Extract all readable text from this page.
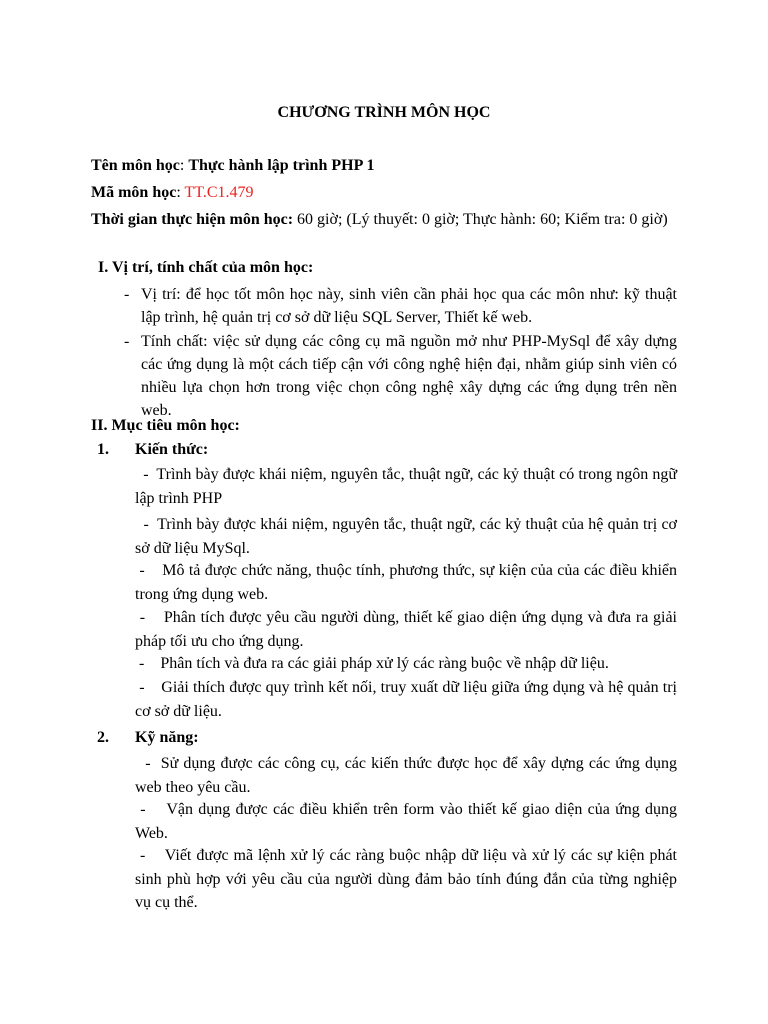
CHƯƠNG TRÌNH MÔN HỌC
Tên môn học: Thực hành lập trình PHP 1
Mã môn học: TT.C1.479
Thời gian thực hiện môn học: 60 giờ; (Lý thuyết: 0 giờ; Thực hành: 60; Kiểm tra: 0 giờ)
I. Vị trí, tính chất của môn học:
- Vị trí: để học tốt môn học này, sinh viên cần phải học qua các môn như: kỹ thuật lập trình, hệ quản trị cơ sở dữ liệu SQL Server, Thiết kế web.
- Tính chất: việc sử dụng các công cụ mã nguồn mở như PHP-MySql để xây dựng các ứng dụng là một cách tiếp cận với công nghệ hiện đại, nhằm giúp sinh viên có nhiều lựa chọn hơn trong việc chọn công nghệ xây dựng các ứng dụng trên nền web.
II. Mục tiêu môn học:
1. Kiến thức:
-  Trình bày được khái niệm, nguyên tắc, thuật ngữ, các kỷ thuật có trong ngôn ngữ lập trình PHP
-  Trình bày được khái niệm, nguyên tắc, thuật ngữ, các kỷ thuật của hệ quản trị cơ sở dữ liệu MySql.
-    Mô tả được chức năng, thuộc tính, phương thức, sự kiện của của các điều khiển trong ứng dụng web.
-    Phân tích được yêu cầu người dùng, thiết kế giao diện ứng dụng và đưa ra giải pháp tối ưu cho ứng dụng.
-    Phân tích và đưa ra các giải pháp xử lý các ràng buộc về nhập dữ liệu.
-    Giải thích được quy trình kết nối, truy xuất dữ liệu giữa ứng dụng và hệ quản trị cơ sở dữ liệu.
2. Kỹ năng:
-  Sử dụng được các công cụ, các kiến thức được học để xây dựng các ứng dụng web theo yêu cầu.
-    Vận dụng được các điều khiển trên form vào thiết kế giao diện của ứng dụng Web.
-    Viết được mã lệnh xử lý các ràng buộc nhập dữ liệu và xử lý các sự kiện phát sinh phù hợp với yêu cầu của người dùng đảm bảo tính đúng đắn của từng nghiệp vụ cụ thể.
